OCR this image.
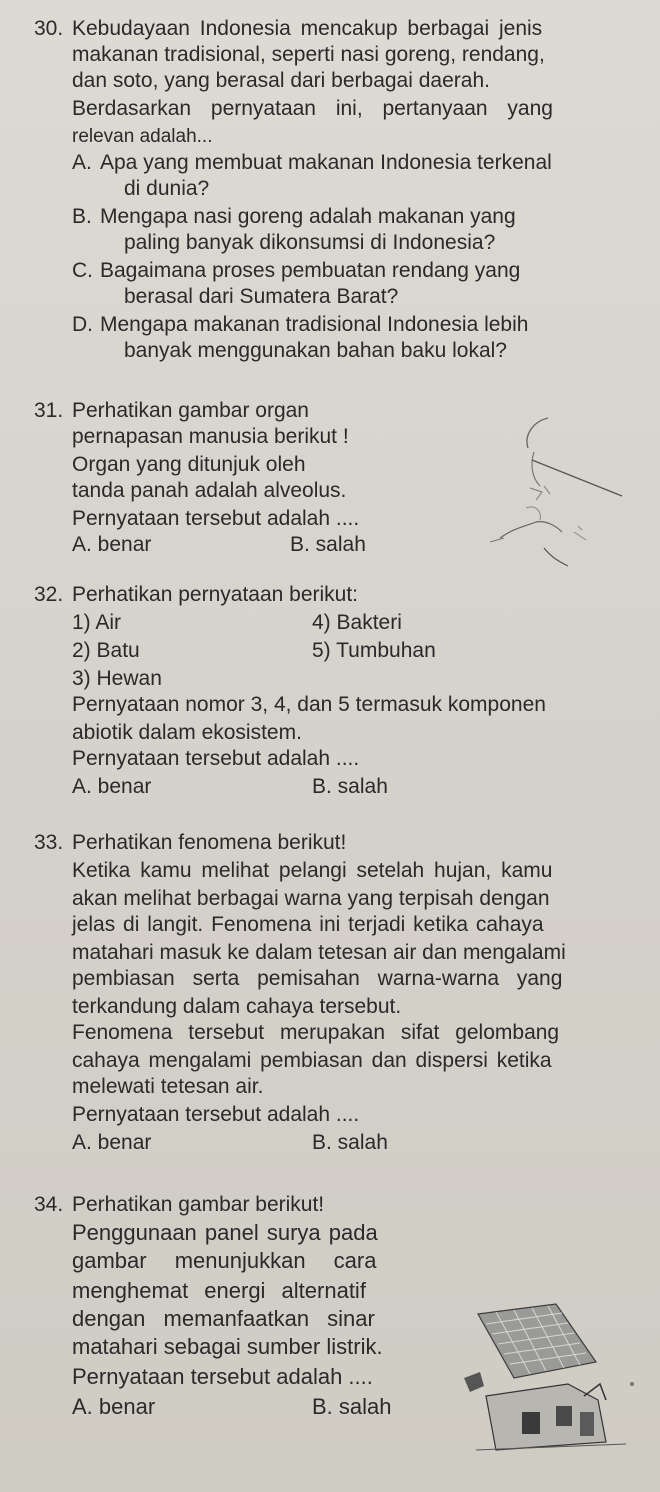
30. Kebudayaan Indonesia mencakup berbagai jenis
makanan tradisional, seperti nasi goreng, rendang,
dan soto, yang berasal dari berbagai daerah.
Berdasarkan pernyataan ini, pertanyaan yang
relevan adalah...
A. Apa yang membuat makanan Indonesia terkenal
di dunia?
B. Mengapa nasi goreng adalah makanan yang
paling banyak dikonsumsi di Indonesia?
C. Bagaimana proses pembuatan rendang yang
berasal dari Sumatera Barat?
D. Mengapa makanan tradisional Indonesia lebih
banyak menggunakan bahan baku lokal?
31. Perhatikan gambar organ
pernapasan manusia berikut !
Organ yang ditunjuk oleh
tanda panah adalah alveolus.
Pernyataan tersebut adalah ....
A. benar	B. salah
32. Perhatikan pernyataan berikut:
1) Air	4) Bakteri
2) Batu	5) Tumbuhan
3) Hewan
Pernyataan nomor 3, 4, dan 5 termasuk komponen
abiotik dalam ekosistem.
Pernyataan tersebut adalah ....
A. benar	B. salah
33. Perhatikan fenomena berikut!
Ketika kamu melihat pelangi setelah hujan, kamu
akan melihat berbagai warna yang terpisah dengan
jelas di langit. Fenomena ini terjadi ketika cahaya
matahari masuk ke dalam tetesan air dan mengalami
pembiasan serta pemisahan warna-warna yang
terkandung dalam cahaya tersebut.
Fenomena tersebut merupakan sifat gelombang
cahaya mengalami pembiasan dan dispersi ketika
melewati tetesan air.
Pernyataan tersebut adalah ....
A. benar	B. salah
34. Perhatikan gambar berikut!
Penggunaan panel surya pada
gambar menunjukkan cara
menghemat energi alternatif
dengan memanfaatkan sinar
matahari sebagai sumber listrik.
Pernyataan tersebut adalah ....
A. benar	B. salah
